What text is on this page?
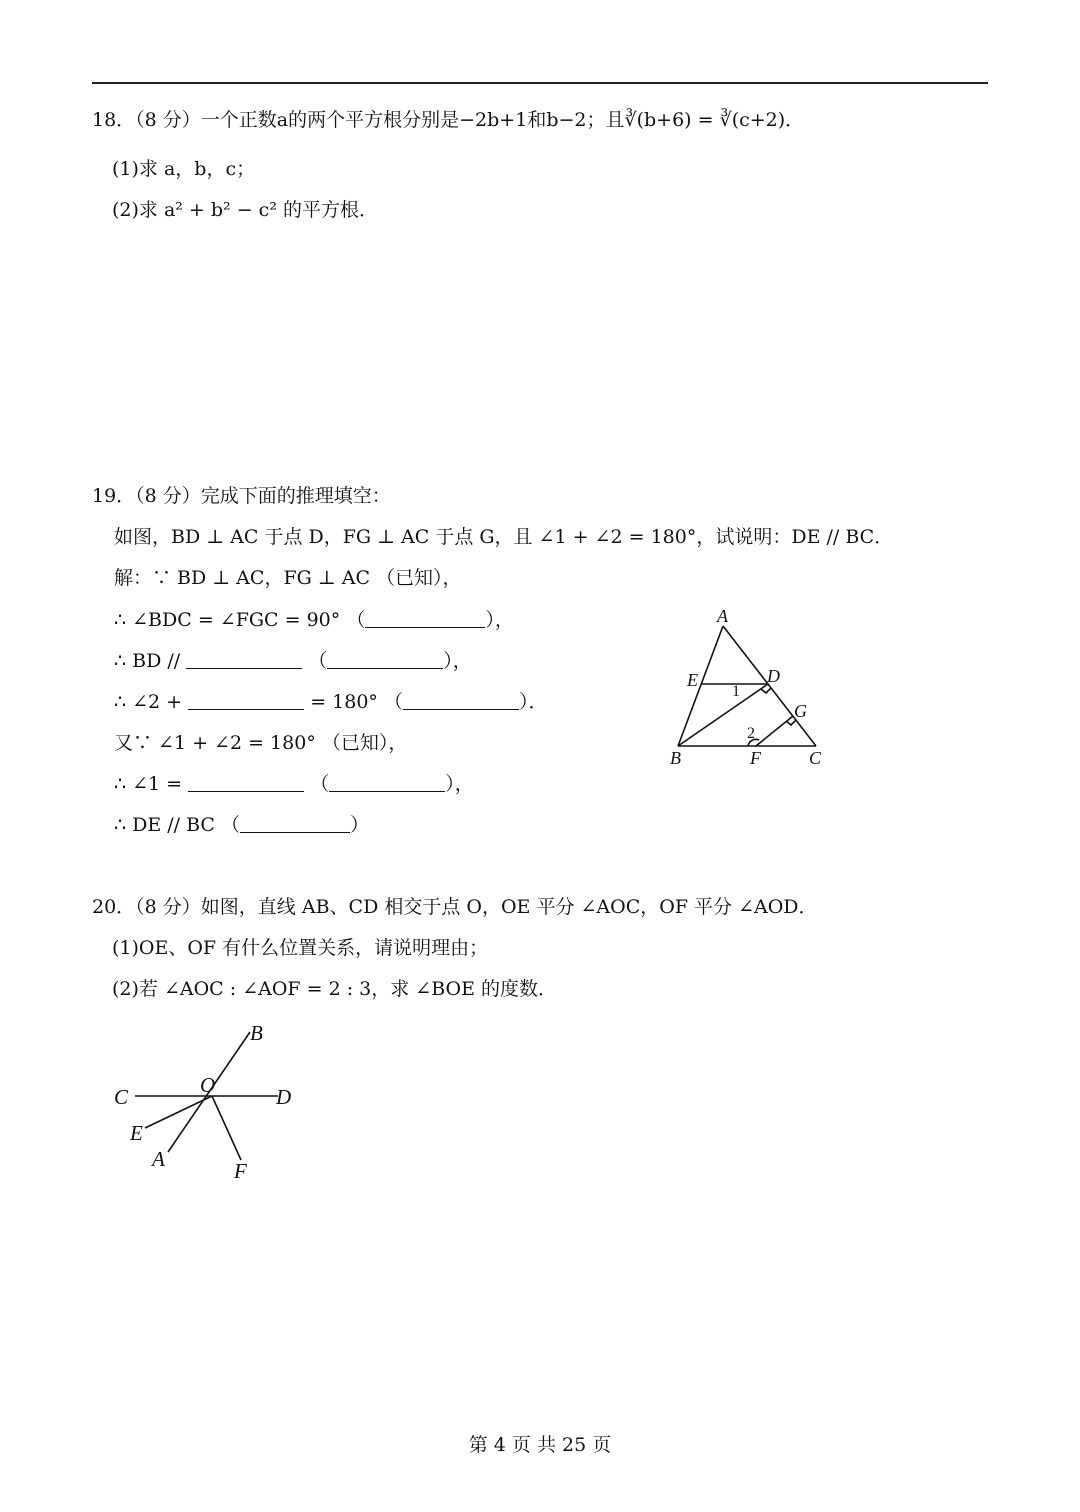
18．（8 分）一个正数a的两个平方根分别是−2b+1和b−2；且∛(b+6) = ∛(c+2)．
(1)求 a，b，c；
(2)求 a² + b² − c² 的平方根．
19．（8 分）完成下面的推理填空：
如图，BD ⊥ AC 于点 D，FG ⊥ AC 于点 G，且 ∠1 + ∠2 = 180°，试说明：DE // BC．
解：∵ BD ⊥ AC，FG ⊥ AC （已知），
∴ ∠BDC = ∠FGC = 90° （	），
∴ BD //	（	），
∴ ∠2 +	= 180° （	）．
又∵ ∠1 + ∠2 = 180° （已知），
∴ ∠1 =	（	），
∴ DE // BC （	）
A
E	D
1
G
2
B	F	C
20．（8 分）如图，直线 AB、CD 相交于点 O，OE 平分 ∠AOC，OF 平分 ∠AOD．
(1)OE、OF 有什么位置关系，请说明理由；
(2)若 ∠AOC : ∠AOF = 2 : 3，求 ∠BOE 的度数．
B
C	O	D
E
A	F
第 4 页 共 25 页
